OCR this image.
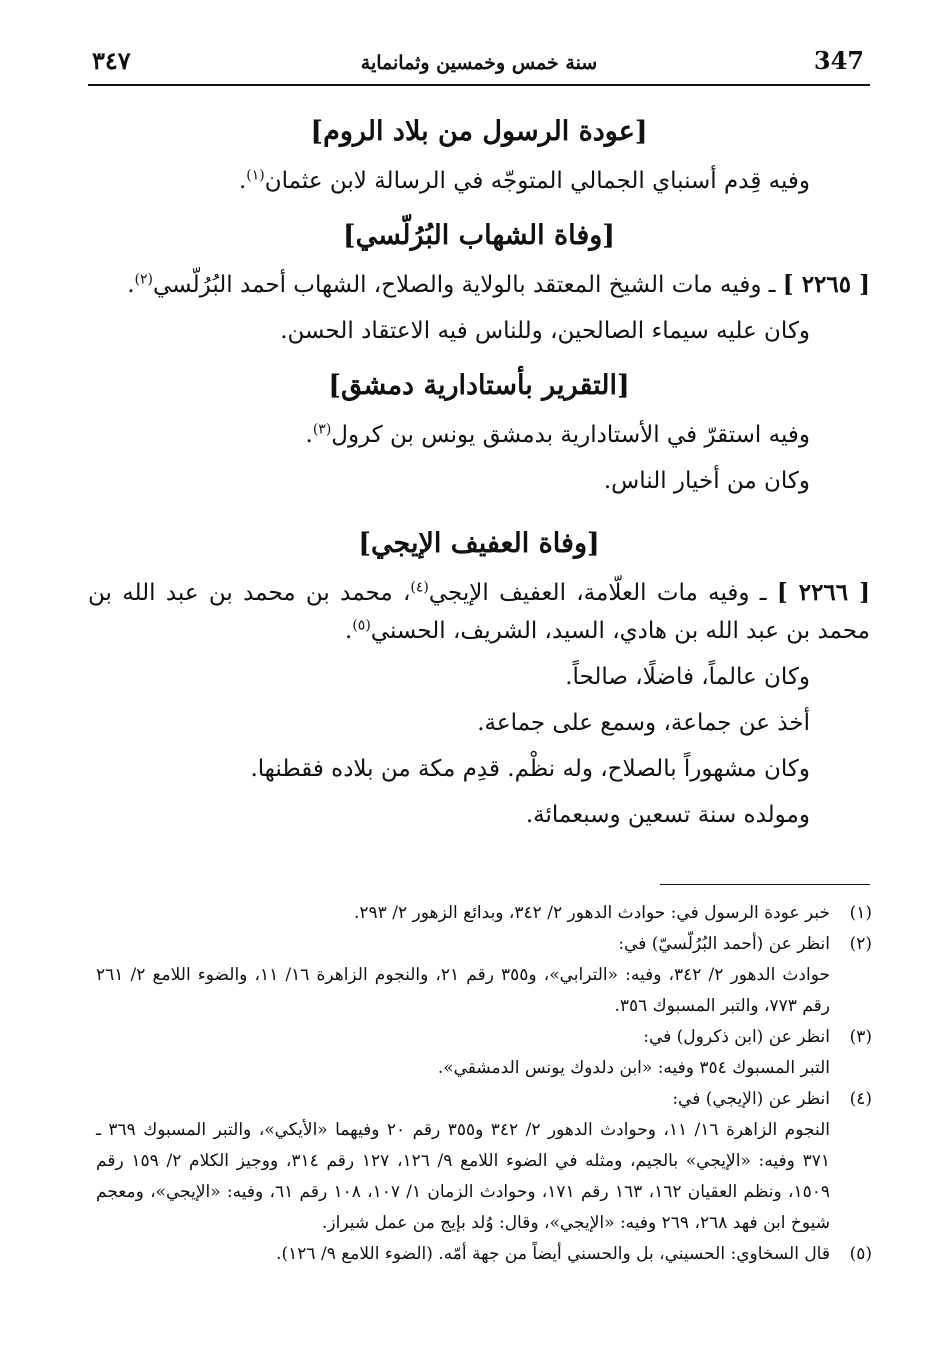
347
سنة خمس وخمسين وثمانماية
٣٤٧
[عودة الرسول من بلاد الروم]

وفيه قِدم أسنباي الجمالي المتوجّه في الرسالة لابن عثمان$^{(١)}$.

[وفاة الشهاب البُرُلّسي]

[ ٢٢٦٥ ] ـ وفيه مات الشيخ المعتقد بالولاية والصلاح، الشهاب أحمد البُرُلّسي$^{(٢)}$.

وكان عليه سيماء الصالحين، وللناس فيه الاعتقاد الحسن.

[التقرير بأستادارية دمشق]

وفيه استقرّ في الأستادارية بدمشق يونس بن كرول$^{(٣)}$.

وكان من أخيار الناس.

[وفاة العفيف الإيجي]

[ ٢٢٦٦ ] ـ وفيه مات العلّامة، العفيف الإيجي$^{(٤)}$، محمد بن محمد بن عبد الله بن محمد بن عبد الله بن هادي، السيد، الشريف، الحسني$^{(٥)}$.

وكان عالماً، فاضلًا، صالحاً.

أخذ عن جماعة، وسمع على جماعة.

وكان مشهوراً بالصلاح، وله نظْم. قدِم مكة من بلاده فقطنها.

ومولده سنة تسعين وسبعمائة.

(١)
خبر عودة الرسول في: حوادث الدهور ٢/ ٣٤٢، وبدائع الزهور ٢/ ٢٩٣.
(٢)
انظر عن (أحمد البُرُلّسيّ) في:
حوادث الدهور ٢/ ٣٤٢، وفيه: «الترابي»، و٣٥٥ رقم ٢١، والنجوم الزاهرة ١٦/ ١١، والضوء اللامع ٢/ ٢٦١ رقم ٧٧٣، والتبر المسبوك ٣٥٦.
(٣)
انظر عن (ابن ذكرول) في:
التبر المسبوك ٣٥٤ وفيه: «ابن دلدوك يونس الدمشقي».
(٤)
انظر عن (الإيجي) في:
النجوم الزاهرة ١٦/ ١١، وحوادث الدهور ٢/ ٣٤٢ و٣٥٥ رقم ٢٠ وفيهما «الأيكي»، والتبر المسبوك ٣٦٩ ـ ٣٧١ وفيه: «الإيجي» بالجيم، ومثله في الضوء اللامع ٩/ ١٢٦، ١٢٧ رقم ٣١٤، ووجيز الكلام ٢/ ١٥٩ رقم ١٥٠٩، ونظم العقيان ١٦٢، ١٦٣ رقم ١٧١، وحوادث الزمان ١/ ١٠٧، ١٠٨ رقم ٦١، وفيه: «الإيجي»، ومعجم شيوخ ابن فهد ٢٦٨، ٢٦٩ وفيه: «الإيجي»، وقال: وُلد بإيج من عمل شيراز.
(٥)
قال السخاوي: الحسيني، بل والحسني أيضاً من جهة أمّه. (الضوء اللامع ٩/ ١٢٦).
